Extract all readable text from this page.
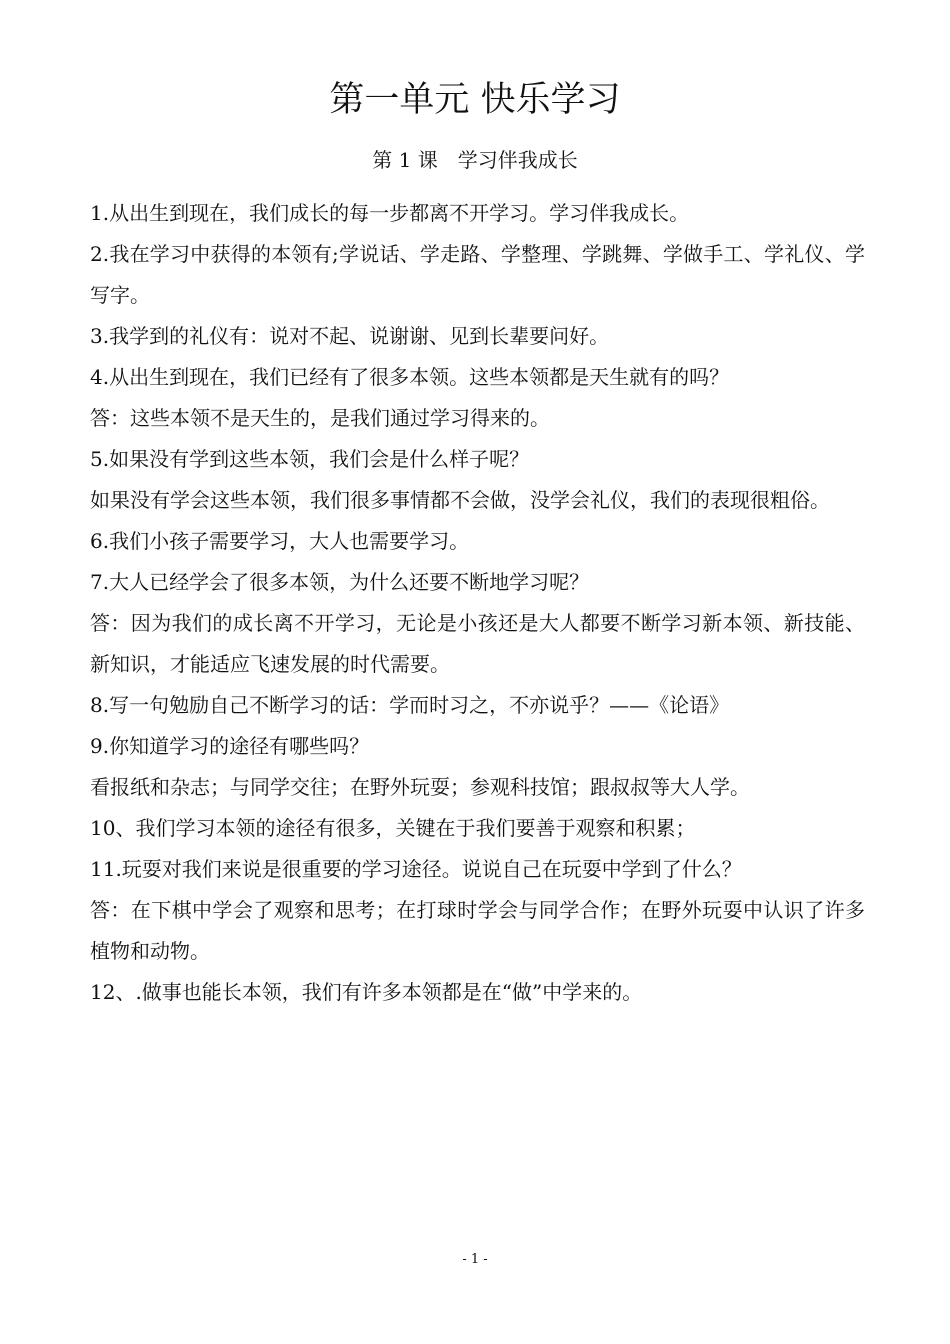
第一单元 快乐学习
第 1 课　学习伴我成长

1.从出生到现在，我们成长的每一步都离不开学习。学习伴我成长。

2.我在学习中获得的本领有;学说话、学走路、学整理、学跳舞、学做手工、学礼仪、学写字。

3.我学到的礼仪有：说对不起、说谢谢、见到长辈要问好。

4.从出生到现在，我们已经有了很多本领。这些本领都是天生就有的吗？

答：这些本领不是天生的，是我们通过学习得来的。

5.如果没有学到这些本领，我们会是什么样子呢？

如果没有学会这些本领，我们很多事情都不会做，没学会礼仪，我们的表现很粗俗。

6.我们小孩子需要学习，大人也需要学习。

7.大人已经学会了很多本领，为什么还要不断地学习呢？

答：因为我们的成长离不开学习，无论是小孩还是大人都要不断学习新本领、新技能、新知识，才能适应飞速发展的时代需要。

8.写一句勉励自己不断学习的话：学而时习之，不亦说乎？——《论语》

9.你知道学习的途径有哪些吗？

看报纸和杂志；与同学交往；在野外玩耍；参观科技馆；跟叔叔等大人学。

10、我们学习本领的途径有很多，关键在于我们要善于观察和积累；

11.玩耍对我们来说是很重要的学习途径。说说自己在玩耍中学到了什么？

答：在下棋中学会了观察和思考；在打球时学会与同学合作；在野外玩耍中认识了许多植物和动物。

12、.做事也能长本领，我们有许多本领都是在“做”中学来的。

- 1 -
